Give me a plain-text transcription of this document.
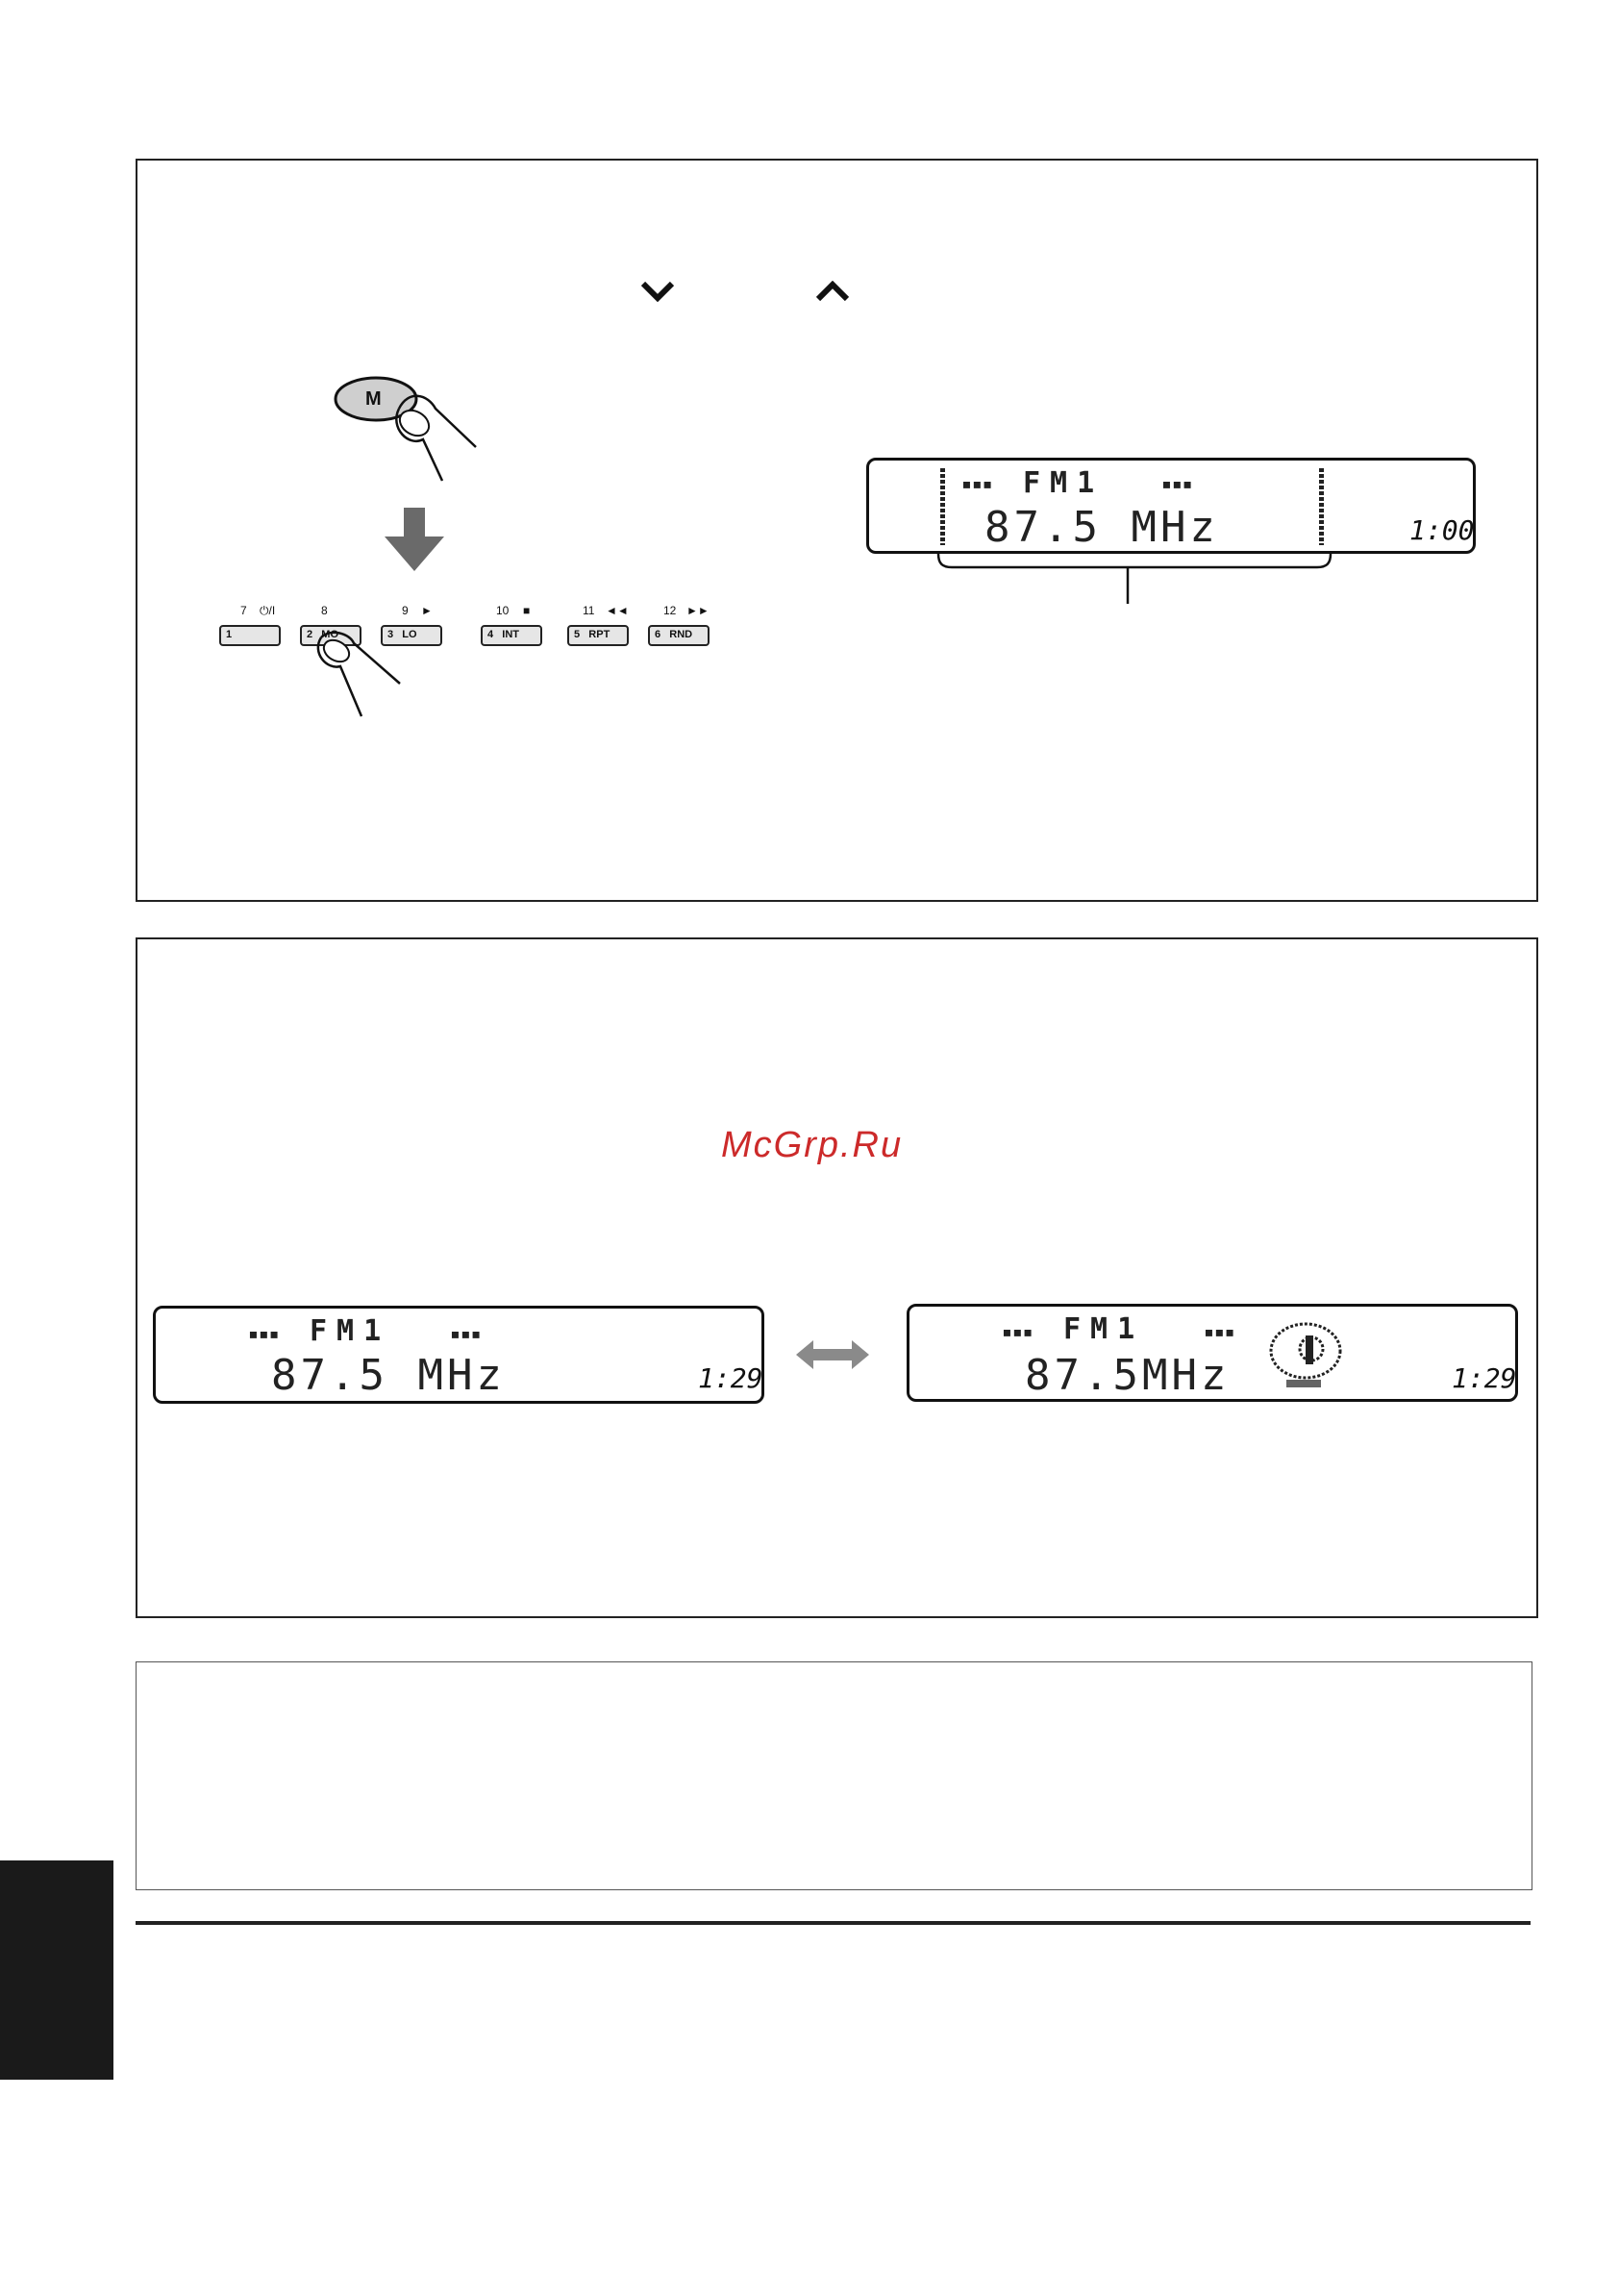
M
7 ⏻/I
1
8
2 MO
9 ►
3 LO
10 ■
4 INT
11 ◄◄
5 RPT
12 ►►
6 RND
▪▪▪ FM1	▪▪▪
87.5 MHz	1:00
McGrp.Ru
▪▪▪ FM1	▪▪▪
87.5 MHz	1:29
▪▪▪ FM1	▪▪▪
87.5MHz	1:29
